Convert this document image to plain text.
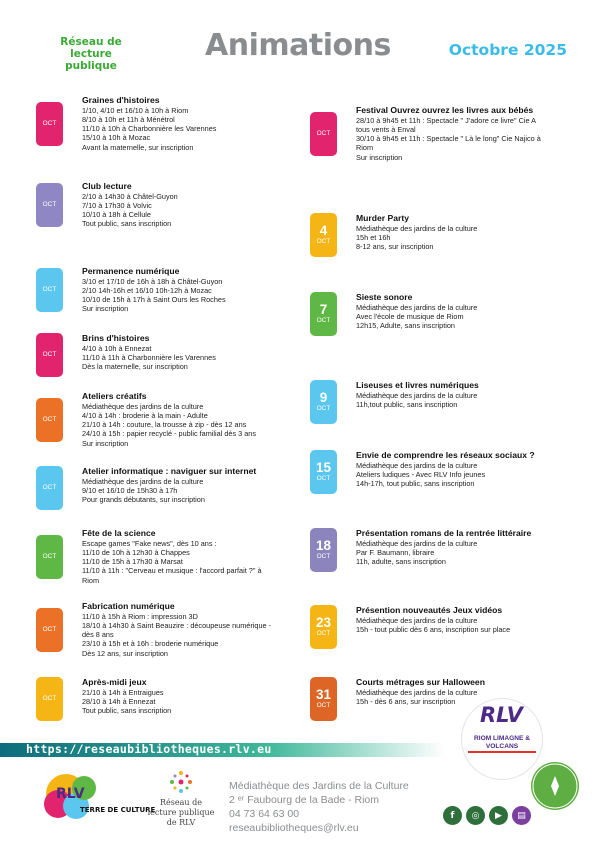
Réseau de
lecture publique
Animations	Octobre 2025
OCT
Graines d'histoires
1/10, 4/10 et 16/10 à 10h à Riom
8/10 à 10h et 11h à Ménétrol
11/10 à 10h à Charbonnière les Varennes
15/10 à 10h à Mozac
Avant la maternelle, sur inscription
OCT
Club lecture
2/10 à 14h30 à Châtel-Guyon
7/10 à 17h30 à Volvic
10/10 à 18h à Cellule
Tout public, sans inscription
OCT
Permanence numérique
3/10 et 17/10 de 16h à 18h à Châtel-Guyon
2/10 14h-16h et 16/10 10h-12h à Mozac
10/10 de 15h à 17h à Saint Ours les Roches
Sur inscription
OCT
Brins d'histoires
4/10 à 10h à Ennezat
11/10 à 11h à Charbonnière les Varennes
Dès la maternelle, sur inscription
OCT
Ateliers créatifs
Médiathèque des jardins de la culture
4/10 à 14h : broderie à la main - Adulte
21/10 à 14h : couture, la trousse à zip - dès 12 ans
24/10 à 15h : papier recyclé - public familial dès 3 ans
Sur inscription
OCT
Atelier informatique : naviguer sur internet
Médiathèque des jardins de la culture
9/10 et 16/10 de 15h30 à 17h
Pour grands débutants, sur inscription
OCT
Fête de la science
Escape games "Fake news", dès 10 ans :
11/10 de 10h à 12h30 à Chappes
11/10 de 15h à 17h30 à Marsat
11/10 à 11h : "Cerveau et musique : l'accord parfait ?" à
Riom
OCT
Fabrication numérique
11/10 à 15h à Riom : impression 3D
18/10 à 14h30 à Saint Beauzire : découpeuse numérique -
dès 8 ans
23/10 à 15h et à 16h : broderie numérique
Dès 12 ans, sur inscription
OCT
Après-midi jeux
21/10 à 14h à Entraigues
28/10 à 14h à Ennezat
Tout public, sans inscription
OCT
Festival Ouvrez ouvrez les livres aux bébés
28/10 à 9h45 et 11h : Spectacle " J'adore ce livre" Cie A
tous vents à Enval
30/10 à 9h45 et 11h : Spectacle " Là le long" Cie Najico à
Riom
Sur inscription
4
OCT
Murder Party
Médiathèque des jardins de la culture
15h et 16h
8-12 ans, sur inscription
7
OCT
Sieste sonore
Médiathèque des jardins de la culture
Avec l'école de musique de Riom
12h15, Adulte, sans inscription
9
OCT
Liseuses et livres numériques
Médiathèque des jardins de la culture
11h,tout public, sans inscription
15
OCT
Envie de comprendre les réseaux sociaux ?
Médiathèque des jardins de la culture
Ateliers ludiques - Avec RLV Info jeunes
14h-17h, tout public, sans inscription
18
OCT
Présentation romans de la rentrée littéraire
Médiathèque des jardins de la culture
Par F. Baumann, libraire
11h, adulte, sans inscription
23
OCT
Présention nouveautés Jeux vidéos
Médiathèque des jardins de la culture
15h - tout public dès 6 ans, inscription sur place
31
OCT
Courts métrages sur Halloween
Médiathèque des jardins de la culture
15h - dès 6 ans, sur inscription
https://reseaubibliotheques.rlv.eu
RLV
RIOM LIMAGNE & VOLCANS
RLV
TERRE DE CULTURE
Réseau de
lecture publique
de RLV
Médiathèque des Jardins de la Culture
2 ᵉʳ Faubourg de la Bade - Riom
04 73 64 63 00
reseaubibliotheques@rlv.eu
f	◎	▶	▤
